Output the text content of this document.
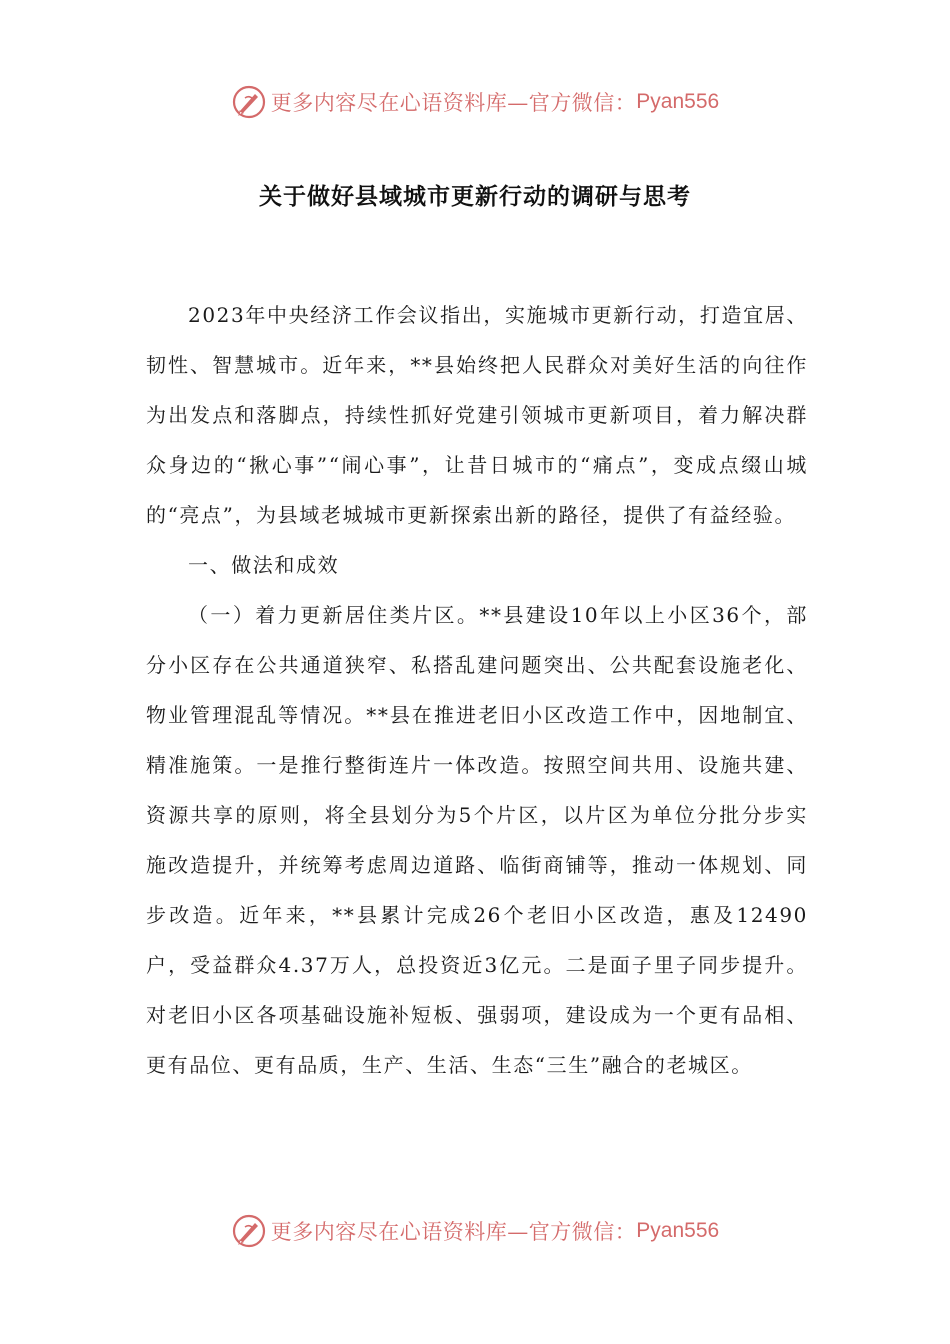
更多内容尽在心语资料库—官方微信： Pyan556
关于做好县域城市更新行动的调研与思考

2023年中央经济工作会议指出，实施城市更新行动，打造宜居、韧性、智慧城市。近年来，**县始终把人民群众对美好生活的向往作为出发点和落脚点，持续性抓好党建引领城市更新项目，着力解决群众身边的“揪心事”“闹心事”，让昔日城市的“痛点”，变成点缀山城的“亮点”，为县域老城城市更新探索出新的路径，提供了有益经验。

一、做法和成效

（一）着力更新居住类片区。**县建设10年以上小区36个，部分小区存在公共通道狭窄、私搭乱建问题突出、公共配套设施老化、物业管理混乱等情况。**县在推进老旧小区改造工作中，因地制宜、精准施策。一是推行整街连片一体改造。按照空间共用、设施共建、资源共享的原则，将全县划分为5个片区，以片区为单位分批分步实施改造提升，并统筹考虑周边道路、临街商铺等，推动一体规划、同步改造。近年来，**县累计完成26个老旧小区改造，惠及12490户，受益群众4.37万人，总投资近3亿元。二是面子里子同步提升。对老旧小区各项基础设施补短板、强弱项，建设成为一个更有品相、更有品位、更有品质，生产、生活、生态“三生”融合的老城区。

更多内容尽在心语资料库—官方微信： Pyan556
